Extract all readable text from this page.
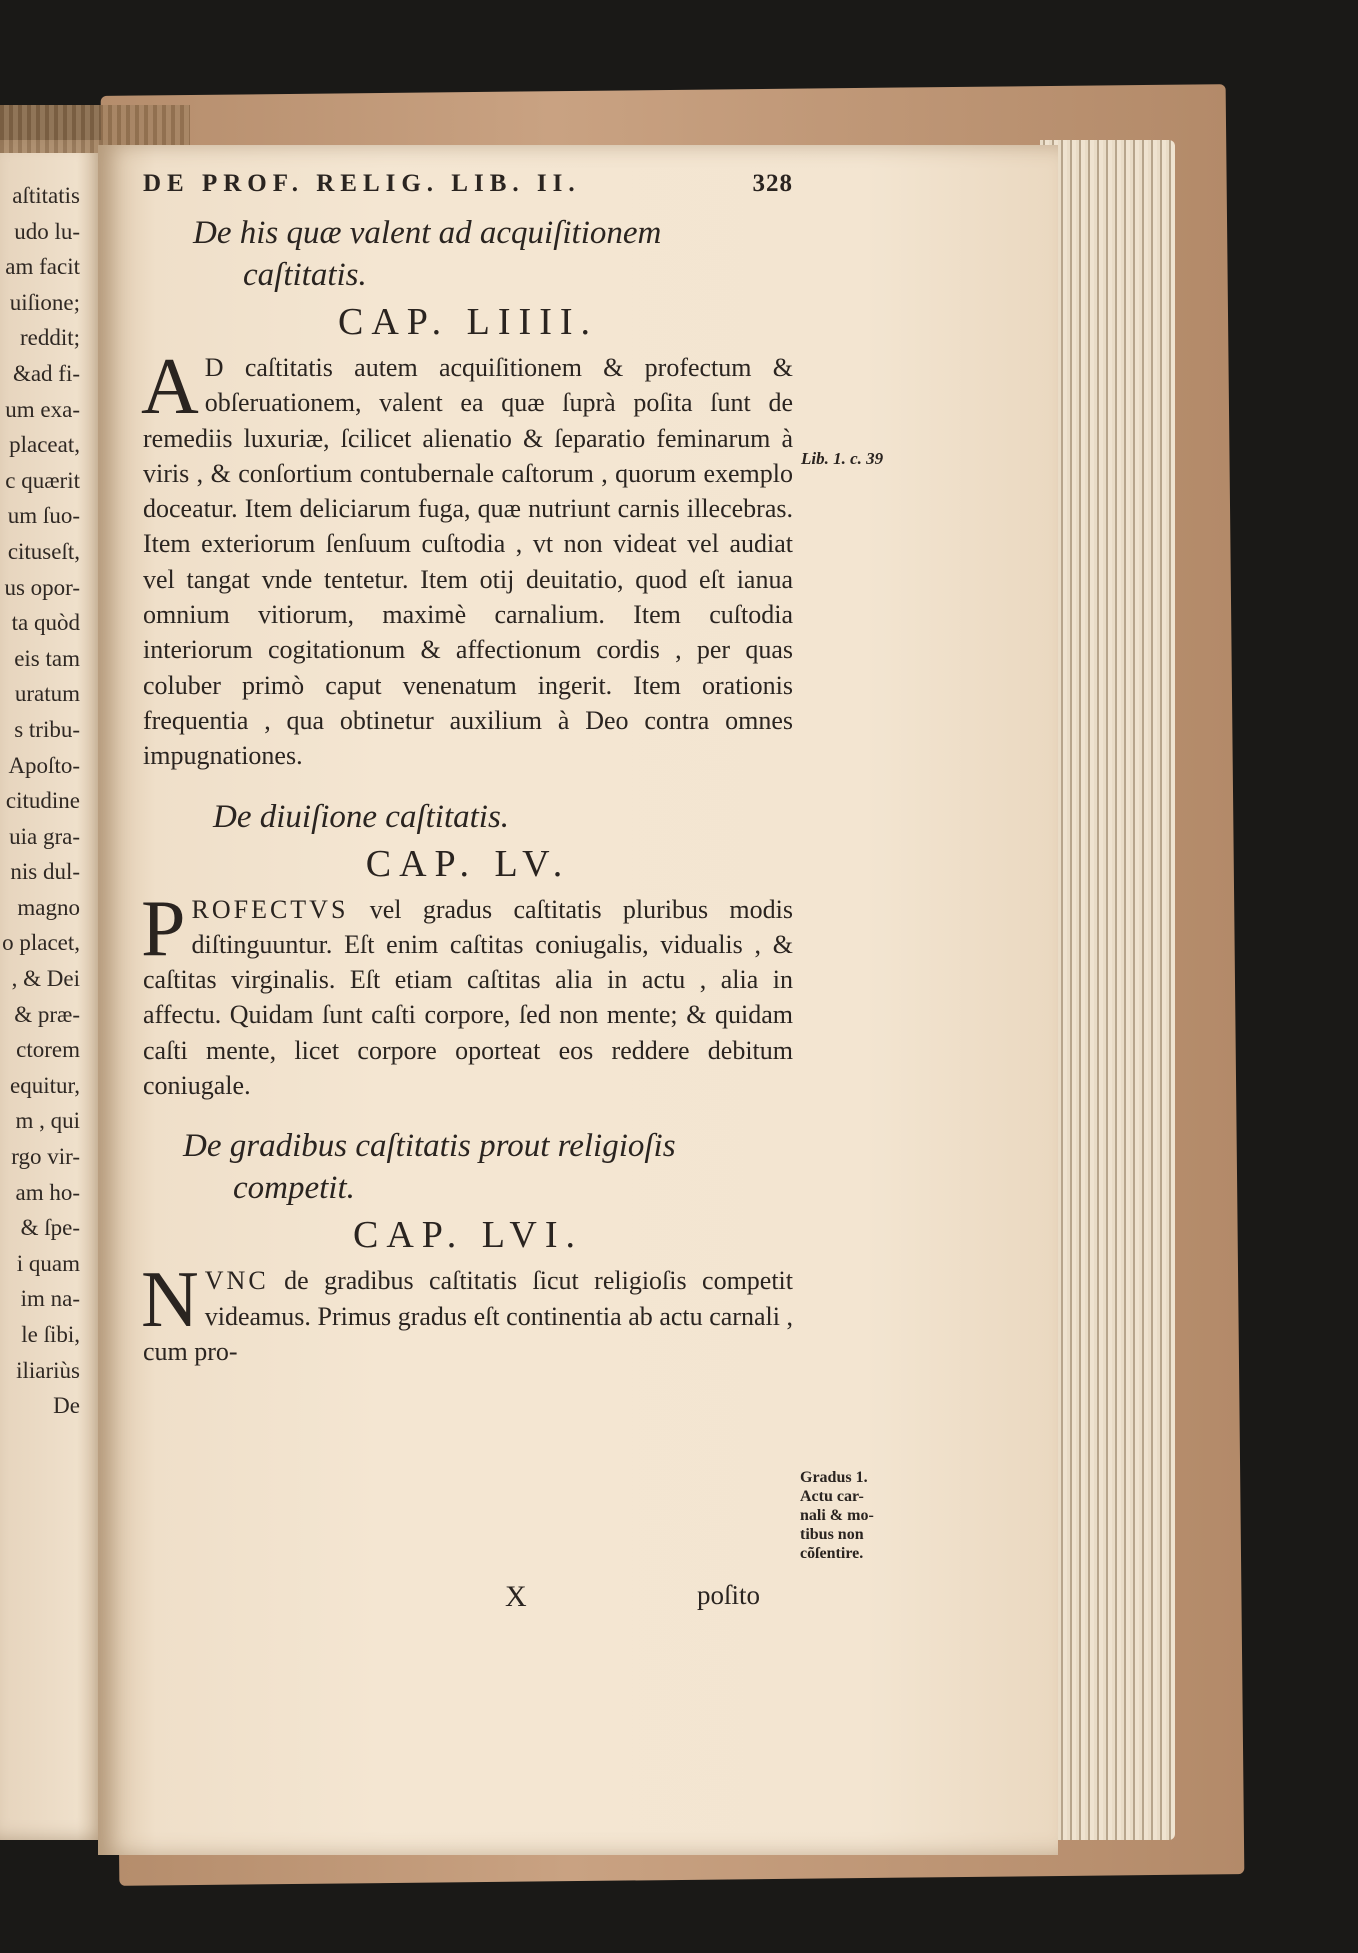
aſtitatis
udo lu-
am facit
uiſione;
reddit;
&ad fi-
um exa-
placeat,
c quærit
um ſuo-
cituseſt,
us opor-
ta quòd
eis tam
uratum
s tribu-
Apoſto-
citudine
uia gra-
nis dul-
magno
o placet,
, & Dei
& præ-
ctorem
equitur,
m , qui
rgo vir-
am ho-
& ſpe-
i quam
im na-
le ſibi,
iliariùs
De
DE PROF. RELIG. LIB. II.	328
De his quæ valent ad acquiſitionem
caſtitatis.
CAP. LIIII.

A D caſtitatis autem acquiſitionem & profectum & obſeruationem, valent ea quæ ſuprà poſita ſunt de remediis luxuriæ, ſcilicet alienatio & ſeparatio feminarum à viris , & conſortium contubernale caſtorum , quorum exemplo doceatur. Item deliciarum fuga, quæ nutriunt carnis illecebras. Item exteriorum ſenſuum cuſtodia , vt non videat vel audiat vel tangat vnde tentetur. Item otij deuitatio, quod eſt ianua omnium vitiorum, maximè carnalium. Item cuſtodia interiorum cogitationum & affectionum cordis , per quas coluber primò caput venenatum ingerit. Item orationis frequentia , qua obtinetur auxilium à Deo contra omnes impugnationes.

De diuiſione caſtitatis.
CAP. LV.

P ROFECTVS vel gradus caſtitatis pluribus modis diſtinguuntur. Eſt enim caſtitas coniugalis, vidualis , & caſtitas virginalis. Eſt etiam caſtitas alia in actu , alia in affectu. Quidam ſunt caſti corpore, ſed non mente; & quidam caſti mente, licet corpore oporteat eos reddere debitum coniugale.

De gradibus caſtitatis prout religioſis
competit.
CAP. LVI.

N VNC de gradibus caſtitatis ſicut religioſis competit videamus. Primus gradus eſt continentia ab actu carnali , cum pro-

Lib. 1. c. 39
Gradus 1.
Actu car-
nali & mo-
tibus non
cõſentire.
X	poſito
